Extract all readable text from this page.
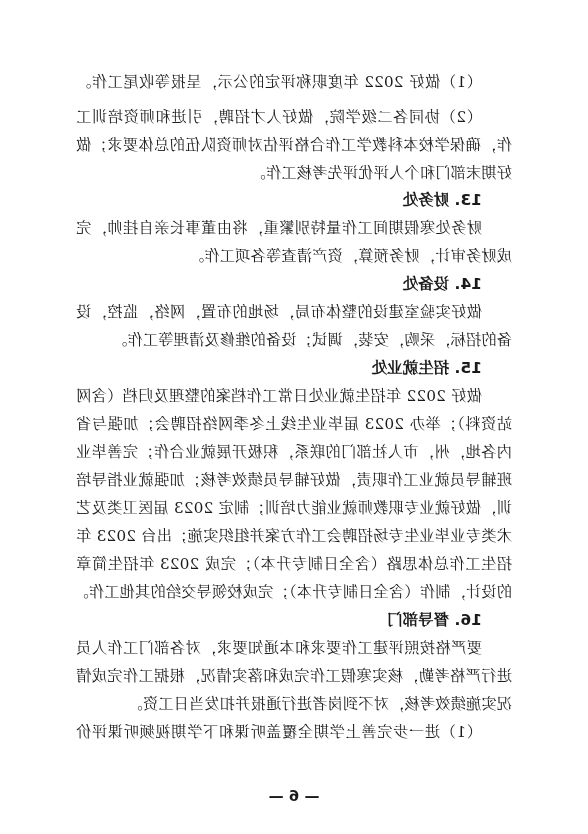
（1）做好 2022 年度职称评定的公示，呈报等收尾工作。
（2）协同各二级学院，做好人才招聘，引进和师资培训工
作，确保学校本科教学工作合格评估对师资队伍的总体要求；做
好期末部门和个人评优评先考核工作。
13. 财务处
财务处寒假期间工作量特别繁重，将由董事长亲自挂帅，完
成财务审计，财务预算，资产清查等各项工作。
14. 设备处
做好实验室建设的整体布局，场地的布置，网络，监控，设
备的招标，采购，安装，调试；设备的维修及清理等工作。
15. 招生就业处
做好 2022 年招生就业处日常工作档案的整理及归档（含网
站资料）；举办 2023 届毕业生线上冬季网络招聘会；加强与省
内各地，州，市人社部门的联系，积极开展就业合作；完善毕业
班辅导员就业工作职责，做好辅导员绩效考核；加强就业指导培
训，做好就业专职教师就业能力培训；制定 2023 届医卫类及艺
术类专业毕业生专场招聘会工作方案并组织实施；出台 2023 年
招生工作总体思路（含全日制专升本）；完成 2023 年招生简章
的设计，制作（含全日制专升本）；完成校领导交给的其他工作。
16. 督导部门
要严格按照评建工作要求和本通知要求，对各部门工作人员
进行严格考勤，核实寒假工作完成和落实情况，根据工作完成情
况实施绩效考核，对不到岗者进行通报并扣发当日工资。
（1）进一步完善上学期全覆盖听课和下学期视频听课评价
— 6 —
